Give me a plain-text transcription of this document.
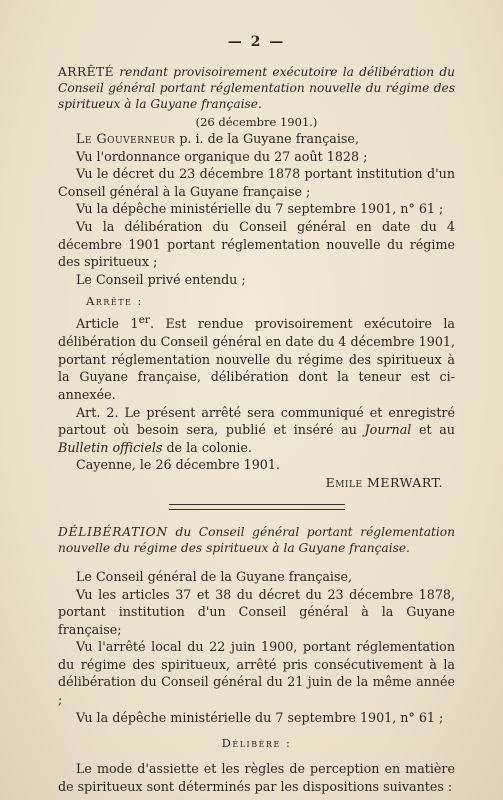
— 2 —

ARRÊTÉ rendant provisoirement exécutoire la délibération du Conseil général portant réglementation nouvelle du régime des spiritueux à la Guyane française.

(26 décembre 1901.)

Le Gouverneur p. i. de la Guyane française,

Vu l'ordonnance organique du 27 août 1828 ;

Vu le décret du 23 décembre 1878 portant institution d'un Conseil général à la Guyane française ;

Vu la dépêche ministérielle du 7 septembre 1901, n° 61 ;

Vu la délibération du Conseil général en date du 4 décembre 1901 portant réglementation nouvelle du régime des spiritueux ;

Le Conseil privé entendu ;

Arrête :

Article 1er. Est rendue provisoirement exécutoire la délibération du Conseil général en date du 4 décembre 1901, portant réglementation nouvelle du régime des spiritueux à la Guyane française, délibération dont la teneur est ci-annexée.

Art. 2. Le présent arrêté sera communiqué et enregistré partout où besoin sera, publié et inséré au Journal et au Bulletin officiels de la colonie.

Cayenne, le 26 décembre 1901.

Emile MERWART.

DÉLIBÉRATION du Conseil général portant réglementation nouvelle du régime des spiritueux à la Guyane française.

Le Conseil général de la Guyane française,

Vu les articles 37 et 38 du décret du 23 décembre 1878, portant institution d'un Conseil général à la Guyane française;

Vu l'arrêté local du 22 juin 1900, portant réglementation du régime des spiritueux, arrêté pris consécutivement à la délibération du Conseil général du 21 juin de la même année ;

Vu la dépêche ministérielle du 7 septembre 1901, n° 61 ;

Délibère :

Le mode d'assiette et les règles de perception en matière de spiritueux sont déterminés par les dispositions suivantes :
